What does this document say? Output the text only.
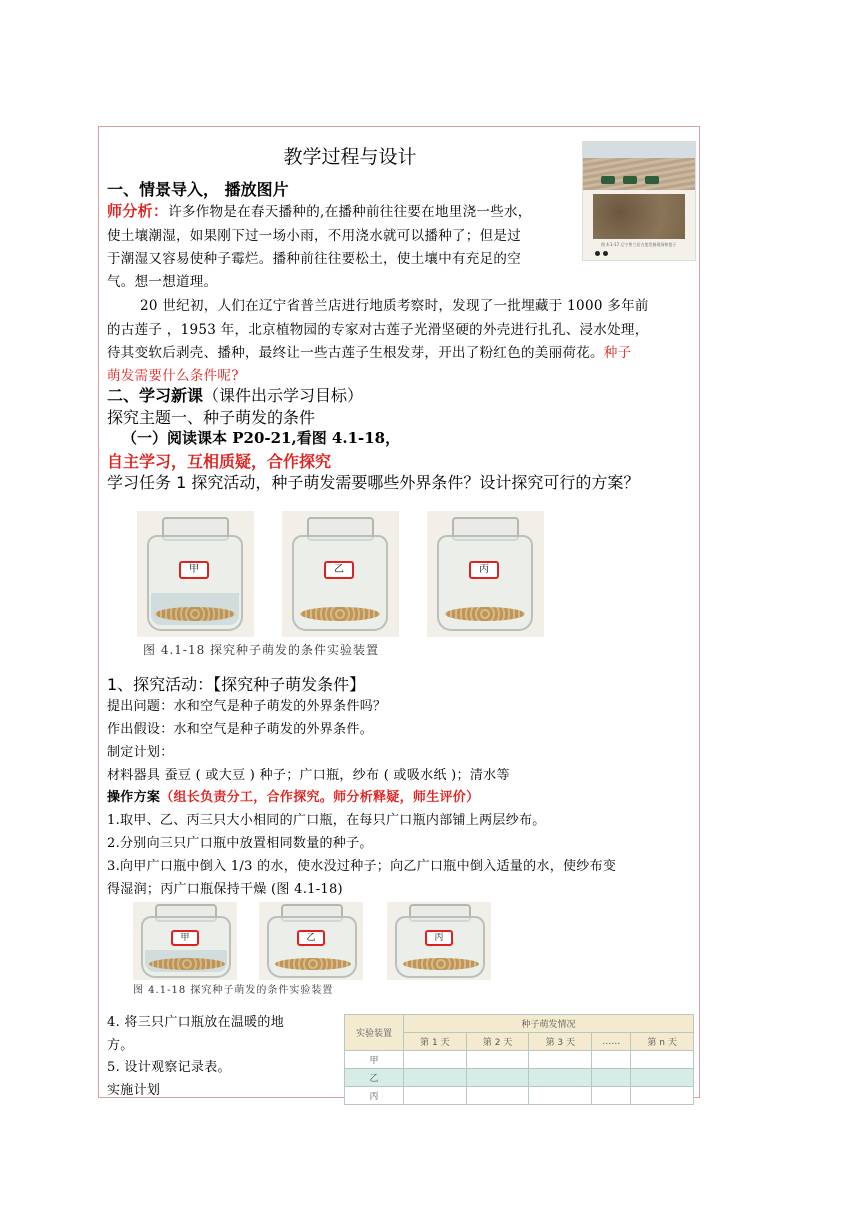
教学过程与设计
图 4.1-17 辽宁普兰店古莲发掘现场和莲子
一、情景导入， 播放图片
师分析：许多作物是在春天播种的,在播种前往往要在地里浇一些水，
使土壤潮湿，如果刚下过一场小雨，不用浇水就可以播种了；但是过
于潮湿又容易使种子霉烂。播种前往往要松土，使土壤中有充足的空
气。想一想道理。
20 世纪初，人们在辽宁省普兰店进行地质考察时，发现了一批埋藏于 1000 多年前
的古莲子 ，1953 年，北京植物园的专家对古莲子光滑坚硬的外壳进行扎孔、浸水处理，
待其变软后剥壳、播种，最终让一些古莲子生根发芽，开出了粉红色的美丽荷花。种子
萌发需要什么条件呢?
二、学习新课（课件出示学习目标）
探究主题一、种子萌发的条件
（一）阅读课本 P20-21,看图 4.1-18，
自主学习，互相质疑，合作探究
学习任务 1 探究活动，种子萌发需要哪些外界条件？设计探究可行的方案？
甲	乙	丙
图 4.1-18 探究种子萌发的条件实验装置
1、探究活动：【探究种子萌发条件】
提出问题：水和空气是种子萌发的外界条件吗？
作出假设：水和空气是种子萌发的外界条件。
制定计划：
材料器具 蚕豆 ( 或大豆 ) 种子；广口瓶，纱布 ( 或吸水纸 )；清水等
操作方案（组长负责分工，合作探究。师分析释疑，师生评价）
1.取甲、乙、丙三只大小相同的广口瓶，在每只广口瓶内部铺上两层纱布。
2.分别向三只广口瓶中放置相同数量的种子。
3.向甲广口瓶中倒入 1/3 的水，使水没过种子；向乙广口瓶中倒入适量的水，使纱布变
得湿润；丙广口瓶保持干燥 (图 4.1-18)
甲	乙	丙
图 4.1-18 探究种子萌发的条件实验装置
4. 将三只广口瓶放在温暖的地
方。
5. 设计观察记录表。
实施计划
实验装置	种子萌发情况				
	第 1 天	第 2 天	第 3 天	……	第 n 天
甲					
乙					
丙					
